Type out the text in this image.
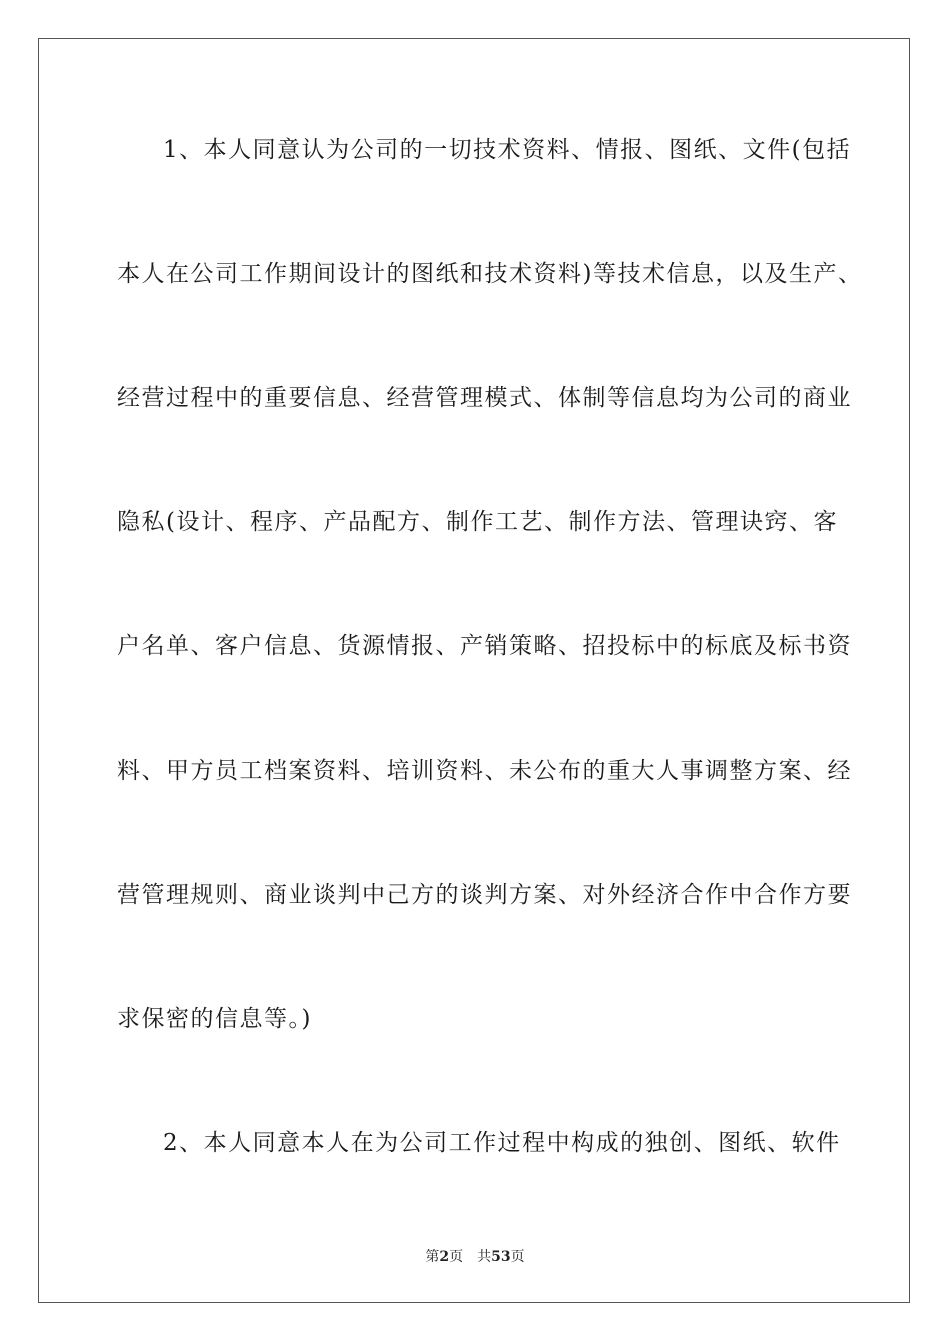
1、本人同意认为公司的一切技术资料、情报、图纸、文件(包括
本人在公司工作期间设计的图纸和技术资料)等技术信息，以及生产、
经营过程中的重要信息、经营管理模式、体制等信息均为公司的商业
隐私(设计、程序、产品配方、制作工艺、制作方法、管理诀窍、客
户名单、客户信息、货源情报、产销策略、招投标中的标底及标书资
料、甲方员工档案资料、培训资料、未公布的重大人事调整方案、经
营管理规则、商业谈判中己方的谈判方案、对外经济合作中合作方要
求保密的信息等。)
2、本人同意本人在为公司工作过程中构成的独创、图纸、软件
第2页 共53页
